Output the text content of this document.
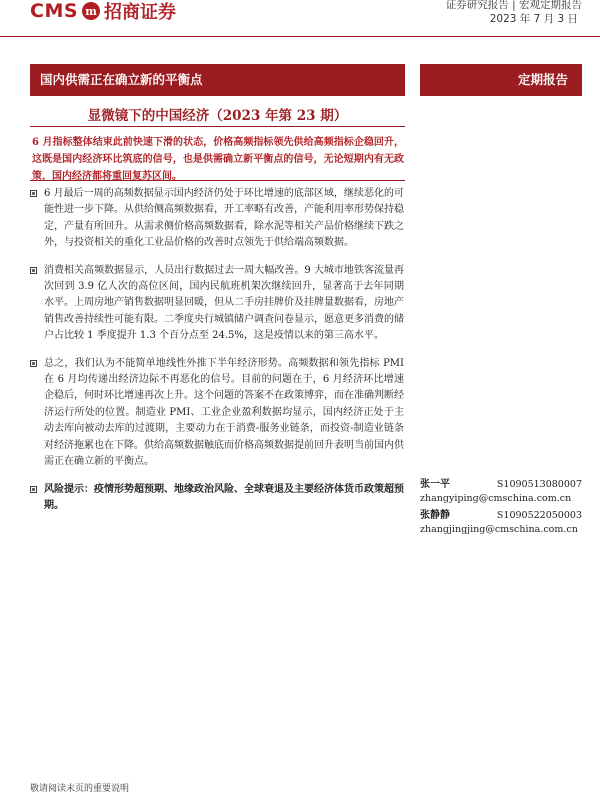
CMS m 招商证券	证券研究报告 | 宏观定期报告
2023 年 7 月 3 日
国内供需正在确立新的平衡点	定期报告
显微镜下的中国经济（2023 年第 23 期）
6 月指标整体结束此前快速下滑的状态，价格高频指标领先供给高频指标企稳回升，这既是国内经济环比筑底的信号，也是供需确立新平衡点的信号，无论短期内有无政策，国内经济都将重回复苏区间。
6 月最后一周的高频数据显示国内经济仍处于环比增速的底部区域，继续恶化的可能性进一步下降。从供给侧高频数据看，开工率略有改善，产能利用率形势保持稳定，产量有所回升。从需求侧价格高频数据看，除水泥等相关产品价格继续下跌之外，与投资相关的重化工业品价格的改善时点领先于供给端高频数据。
消费相关高频数据显示，人员出行数据过去一周大幅改善。9 大城市地铁客流量再次回到 3.9 亿人次的高位区间，国内民航班机架次继续回升，显著高于去年同期水平。上周房地产销售数据明显回暖，但从二手房挂牌价及挂牌量数据看，房地产销售改善持续性可能有限。二季度央行城镇储户调查问卷显示，愿意更多消费的储户占比较 1 季度提升 1.3 个百分点至 24.5%，这是疫情以来的第三高水平。
总之，我们认为不能简单地线性外推下半年经济形势。高频数据和领先指标 PMI 在 6 月均传递出经济边际不再恶化的信号。目前的问题在于，6 月经济环比增速企稳后，何时环比增速再次上升。这个问题的答案不在政策博弈，而在准确判断经济运行所处的位置。制造业 PMI、工业企业盈利数据均显示，国内经济正处于主动去库向被动去库的过渡期，主要动力在于消费-服务业链条，而投资-制造业链条对经济拖累也在下降。供给高频数据触底而价格高频数据提前回升表明当前国内供需正在确立新的平衡点。
风险提示：疫情形势超预期、地缘政治风险、全球衰退及主要经济体货币政策超预期。
张一平	S1090513080007
zhangyiping@cmschina.com.cn
张静静	S1090522050003
zhangjingjing@cmschina.com.cn
敬请阅读末页的重要说明
